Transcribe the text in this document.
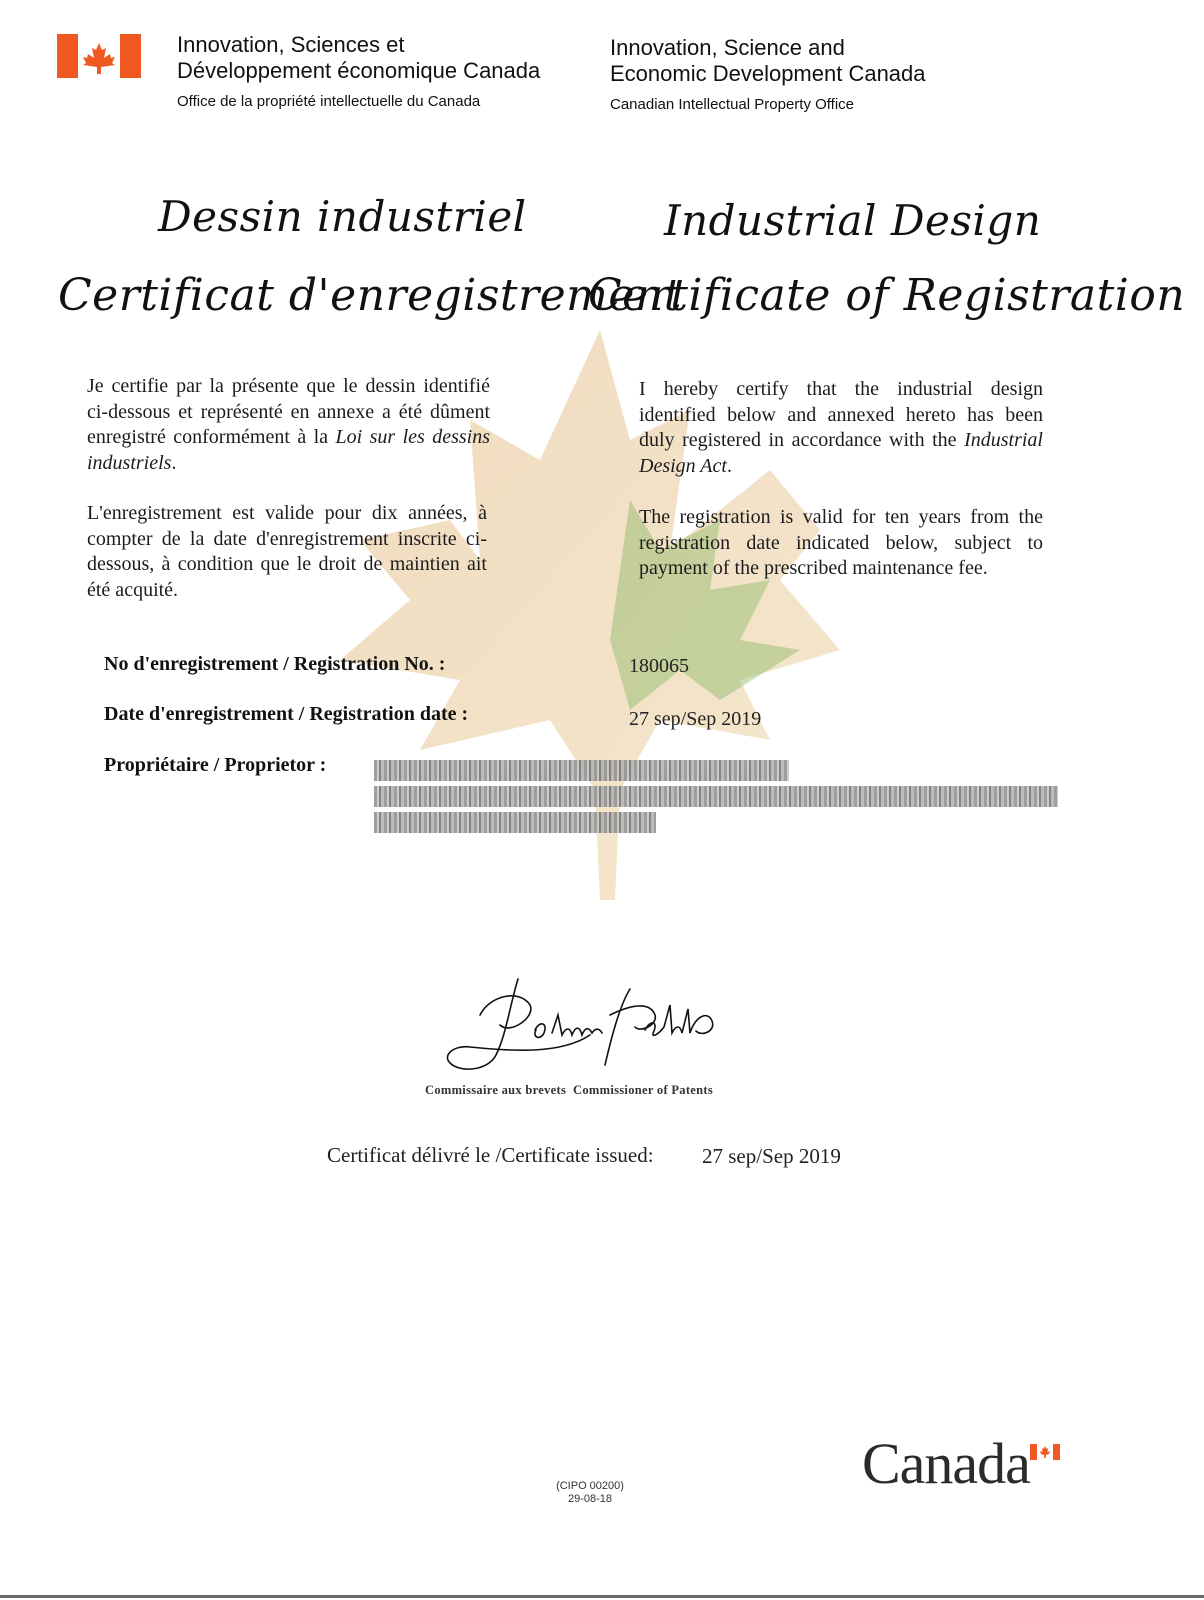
Innovation, Sciences et
Développement économique Canada
Office de la propriété intellectuelle du Canada
Innovation, Science and
Economic Development Canada
Canadian Intellectual Property Office
Dessin industriel	Industrial Design
Certificat d'enregistrement
Certificate of Registration
Je certifie par la présente que le dessin identifié ci-dessous et représenté en annexe a été dûment enregistré conformément à la Loi sur les dessins industriels.
L'enregistrement est valide pour dix années, à compter de la date d'enregistrement inscrite ci-dessous, à condition que le droit de maintien ait été acquité.
I hereby certify that the industrial design identified below and annexed hereto has been duly registered in accordance with the Industrial Design Act.
The registration is valid for ten years from the registration date indicated below, subject to payment of the prescribed maintenance fee.
No d'enregistrement / Registration No. :	180065
Date d'enregistrement / Registration date :	27 sep/Sep 2019
Propriétaire / Proprietor :
Commissaire aux brevets Commissioner of Patents
Certificat délivré le /Certificate issued: 27 sep/Sep 2019
(CIPO 00200)
29-08-18
Canada
